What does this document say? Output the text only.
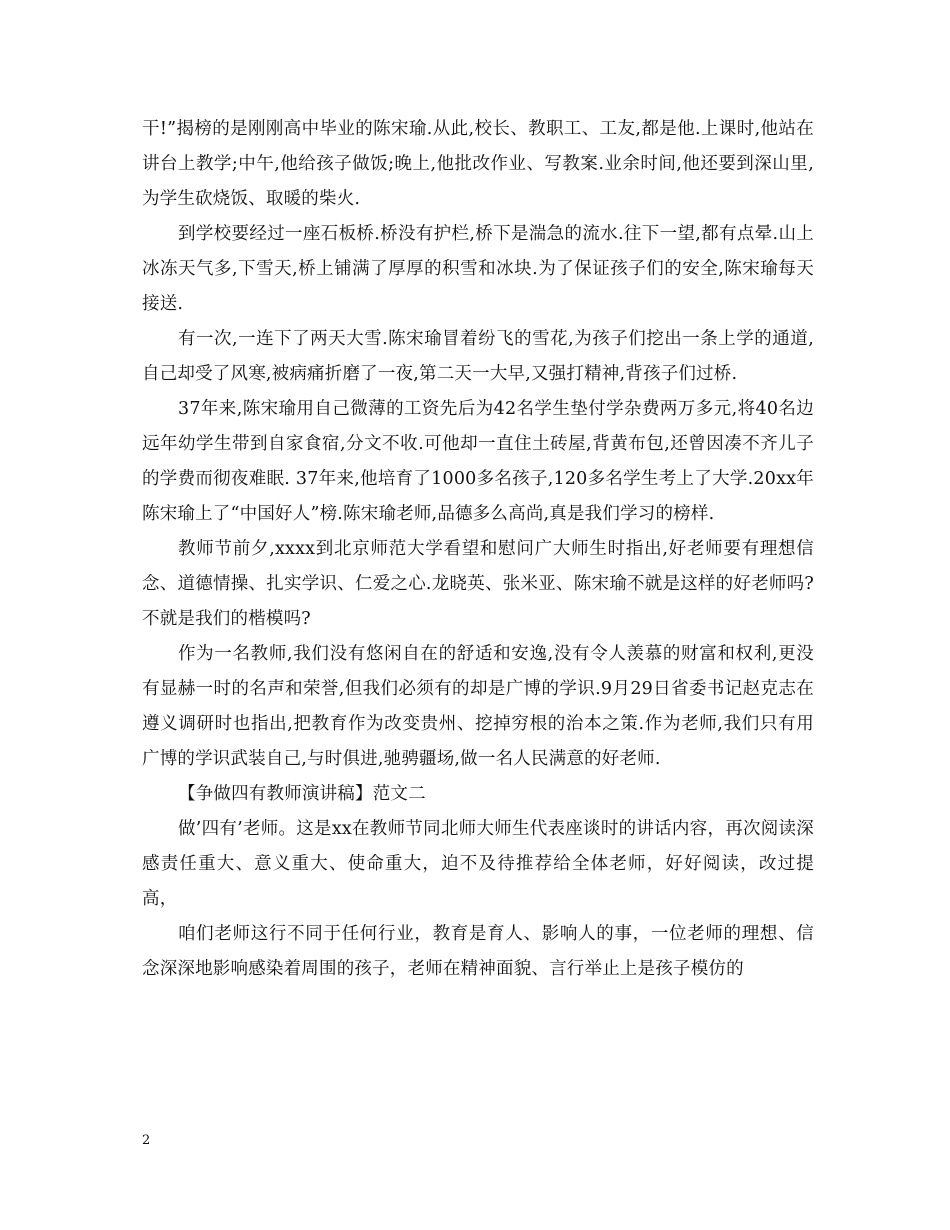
干!”揭榜的是刚刚高中毕业的陈宋瑜.从此,校长、教职工、工友,都是他.上课时,他站在讲台上教学;中午,他给孩子做饭;晚上,他批改作业、写教案.业余时间,他还要到深山里,为学生砍烧饭、取暖的柴火.

到学校要经过一座石板桥.桥没有护栏,桥下是湍急的流水.往下一望,都有点晕.山上冰冻天气多,下雪天,桥上铺满了厚厚的积雪和冰块.为了保证孩子们的安全,陈宋瑜每天接送.

有一次,一连下了两天大雪.陈宋瑜冒着纷飞的雪花,为孩子们挖出一条上学的通道,自己却受了风寒,被病痛折磨了一夜,第二天一大早,又强打精神,背孩子们过桥.

37年来,陈宋瑜用自己微薄的工资先后为42名学生垫付学杂费两万多元,将40名边远年幼学生带到自家食宿,分文不收.可他却一直住土砖屋,背黄布包,还曾因凑不齐儿子的学费而彻夜难眠. 37年来,他培育了1000多名孩子,120多名学生考上了大学.20xx年陈宋瑜上了“中国好人”榜.陈宋瑜老师,品德多么高尚,真是我们学习的榜样.

教师节前夕,xxxx到北京师范大学看望和慰问广大师生时指出,好老师要有理想信念、道德情操、扎实学识、仁爱之心.龙晓英、张米亚、陈宋瑜不就是这样的好老师吗?不就是我们的楷模吗?

作为一名教师,我们没有悠闲自在的舒适和安逸,没有令人羡慕的财富和权利,更没有显赫一时的名声和荣誉,但我们必须有的却是广博的学识.9月29日省委书记赵克志在遵义调研时也指出,把教育作为改变贵州、挖掉穷根的治本之策.作为老师,我们只有用广博的学识武装自己,与时俱进,驰骋疆场,做一名人民满意的好老师.

【争做四有教师演讲稿】范文二

做’四有’老师。这是xx在教师节同北师大师生代表座谈时的讲话内容，再次阅读深感责任重大、意义重大、使命重大，迫不及待推荐给全体老师，好好阅读，改过提高，

咱们老师这行不同于任何行业，教育是育人、影响人的事，一位老师的理想、信念深深地影响感染着周围的孩子，老师在精神面貌、言行举止上是孩子模仿的

2
